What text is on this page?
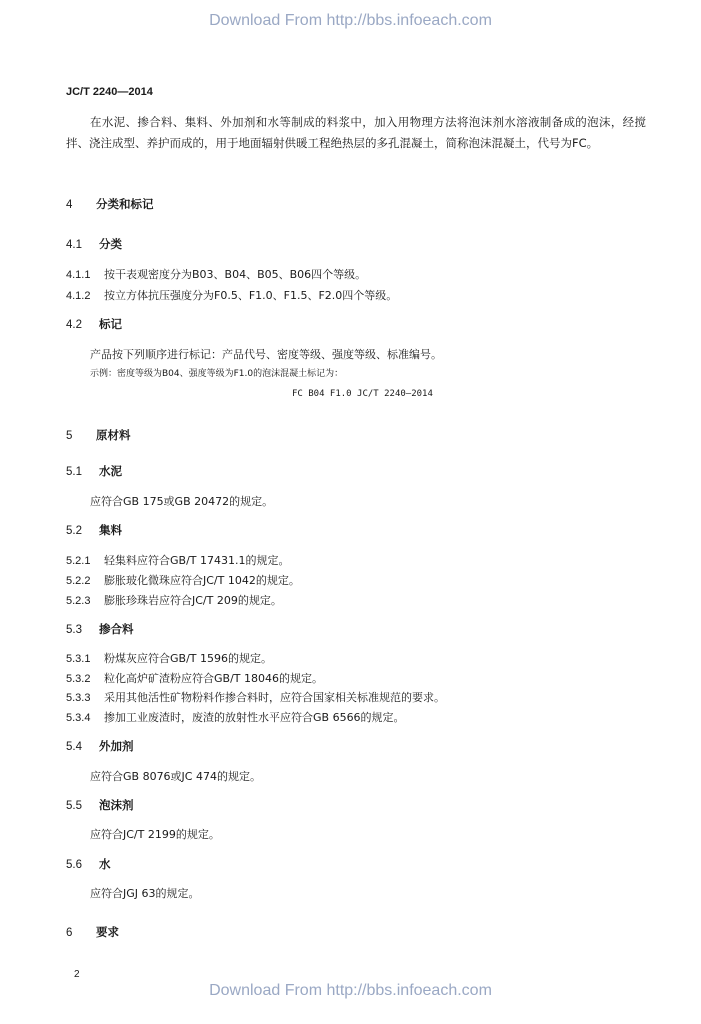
Download From http://bbs.infoeach.com
JC/T 2240—2014
在水泥、掺合料、集料、外加剂和水等制成的料浆中，加入用物理方法将泡沫剂水溶液制备成的泡沫，经搅拌、浇注成型、养护而成的，用于地面辐射供暖工程绝热层的多孔混凝土，简称泡沫混凝土，代号为FC。
4 分类和标记
4.1 分类
4.1.1 按干表观密度分为B03、B04、B05、B06四个等级。
4.1.2 按立方体抗压强度分为F0.5、F1.0、F1.5、F2.0四个等级。
4.2 标记
产品按下列顺序进行标记：产品代号、密度等级、强度等级、标准编号。
示例：密度等级为B04、强度等级为F1.0的泡沫混凝土标记为：
FC B04 F1.0 JC/T 2240—2014
5 原材料
5.1 水泥
应符合GB 175或GB 20472的规定。
5.2 集料
5.2.1 轻集料应符合GB/T 17431.1的规定。
5.2.2 膨胀玻化微珠应符合JC/T 1042的规定。
5.2.3 膨胀珍珠岩应符合JC/T 209的规定。
5.3 掺合料
5.3.1 粉煤灰应符合GB/T 1596的规定。
5.3.2 粒化高炉矿渣粉应符合GB/T 18046的规定。
5.3.3 采用其他活性矿物粉料作掺合料时，应符合国家相关标准规范的要求。
5.3.4 掺加工业废渣时，废渣的放射性水平应符合GB 6566的规定。
5.4 外加剂
应符合GB 8076或JC 474的规定。
5.5 泡沫剂
应符合JC/T 2199的规定。
5.6 水
应符合JGJ 63的规定。
6 要求
2
Download From http://bbs.infoeach.com
